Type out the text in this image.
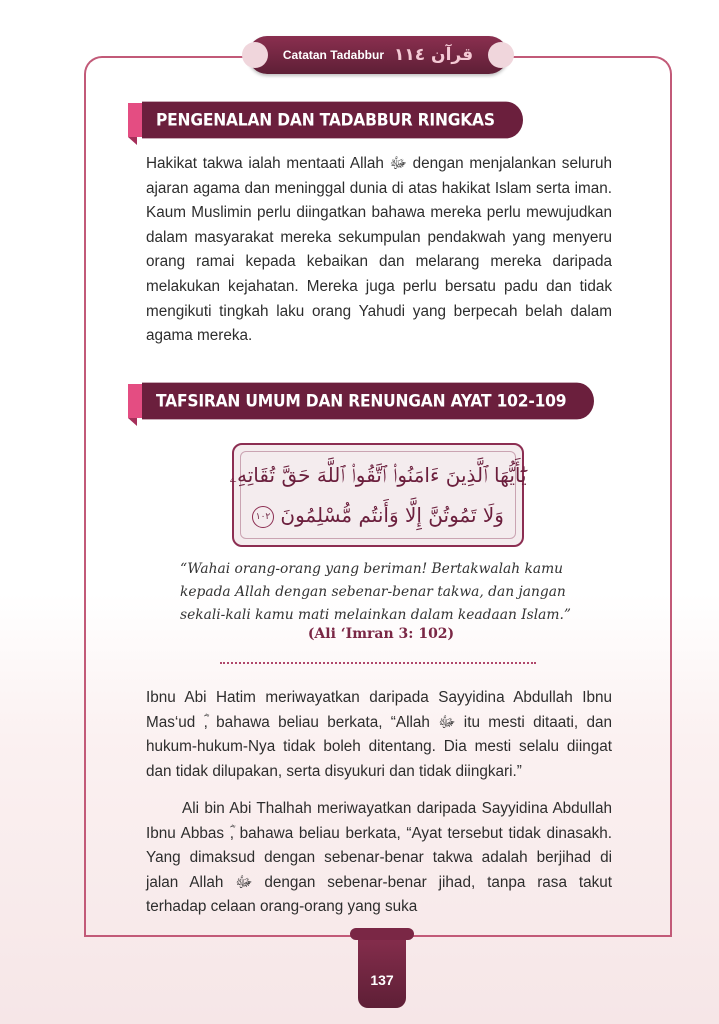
Catatan Tadabbur قرآن ١١٤
PENGENALAN DAN TADABBUR RINGKAS
Hakikat takwa ialah mentaati Allah ﷻ dengan menjalankan seluruh ajaran agama dan meninggal dunia di atas hakikat Islam serta iman. Kaum Muslimin perlu diingatkan bahawa mereka perlu mewujudkan dalam masyarakat mereka sekumpulan pendakwah yang menyeru orang ramai kepada kebaikan dan melarang mereka daripada melakukan kejahatan. Mereka juga perlu bersatu padu dan tidak mengikuti tingkah laku orang Yahudi yang berpecah belah dalam agama mereka.
TAFSIRAN UMUM DAN RENUNGAN AYAT 102-109
يَٰٓأَيُّهَا ٱلَّذِينَ ءَامَنُوا۟ ٱتَّقُوا۟ ٱللَّهَ حَقَّ تُقَاتِهِۦ
وَلَا تَمُوتُنَّ إِلَّا وَأَنتُم مُّسْلِمُونَ ١٠٢
“Wahai orang-orang yang beriman! Bertakwalah kamu kepada Allah dengan sebenar-benar takwa, dan jangan sekali-kali kamu mati melainkan dalam keadaan Islam.”
(Ali ‘Imran 3: 102)
Ibnu Abi Hatim meriwayatkan daripada Sayyidina Abdullah Ibnu Mas‘ud ؓ, bahawa beliau berkata, “Allah ﷻ itu mesti ditaati, dan hukum-hukum-Nya tidak boleh ditentang. Dia mesti selalu diingat dan tidak dilupakan, serta disyukuri dan tidak diingkari.”
Ali bin Abi Thalhah meriwayatkan daripada Sayyidina Abdullah Ibnu Abbas ؓ, bahawa beliau berkata, “Ayat tersebut tidak dinasakh. Yang dimaksud dengan sebenar-benar takwa adalah berjihad di jalan Allah ﷻ dengan sebenar-benar jihad, tanpa rasa takut terhadap celaan orang-orang yang suka
137
